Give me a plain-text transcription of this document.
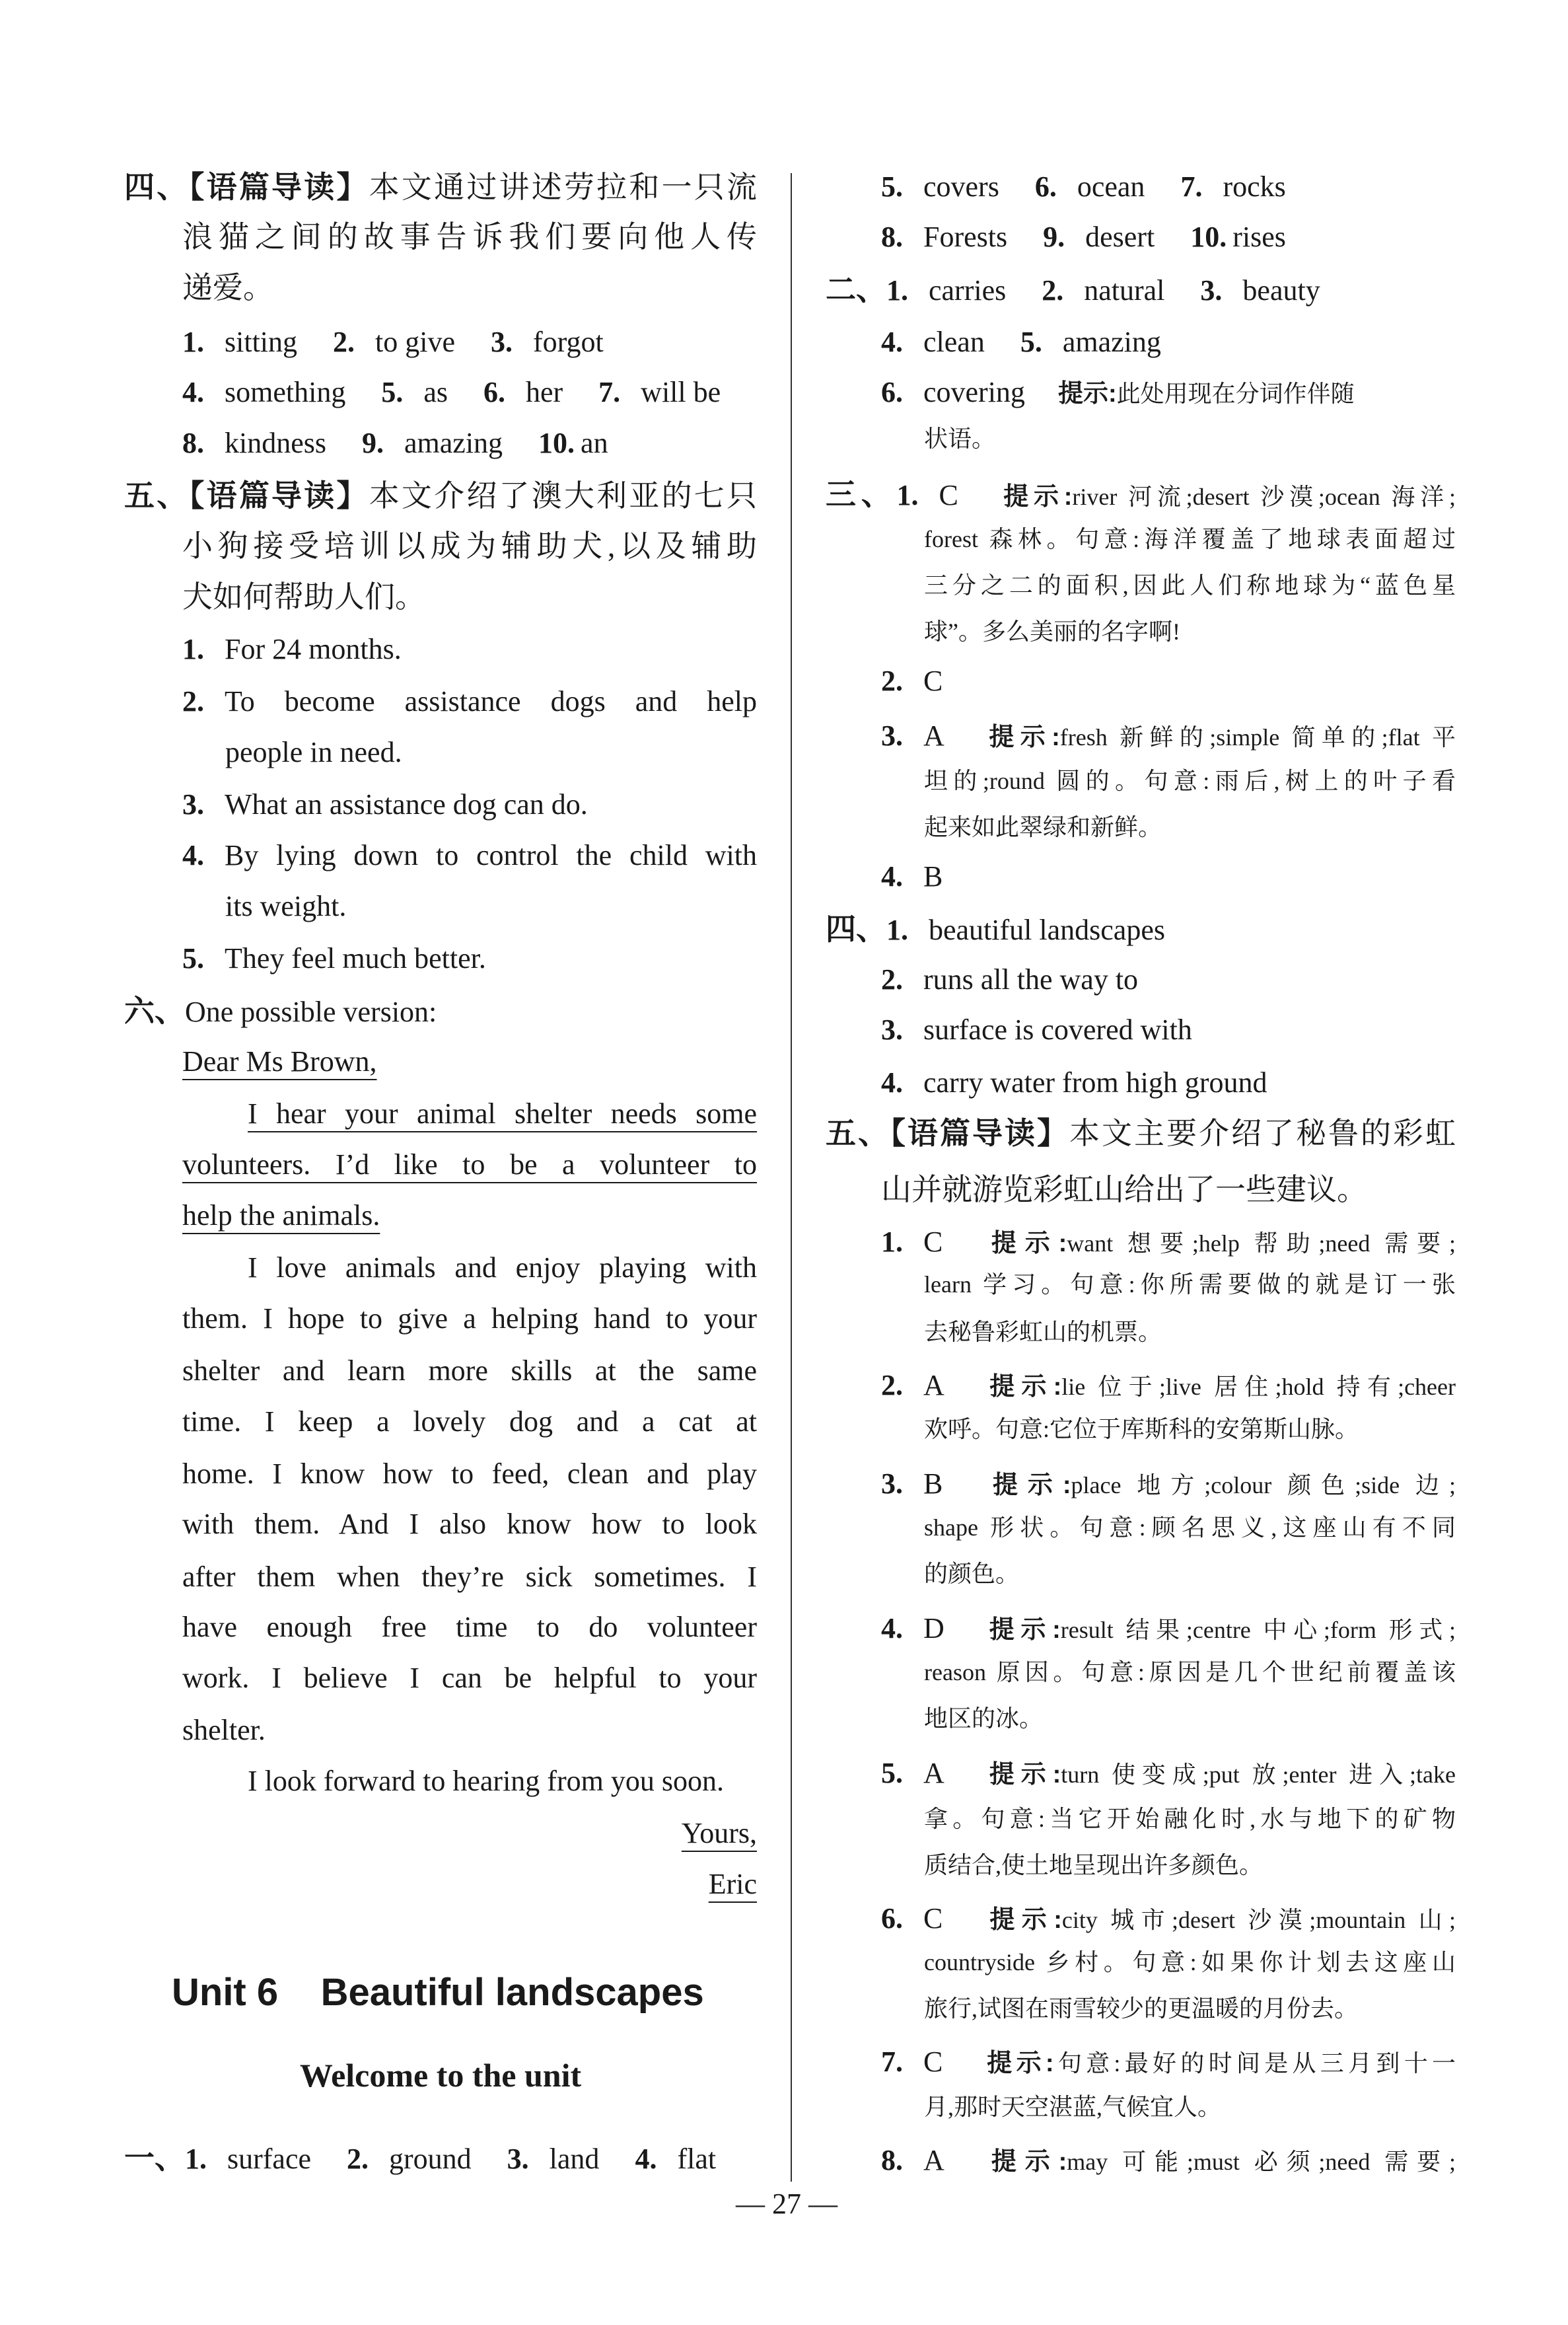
四、【语篇导读】本文通过讲述劳拉和一只流
浪猫之间的故事告诉我们要向他人传
递爱。
1. sitting 2. to give 3. forgot
4. something 5. as 6. her 7. will be
8. kindness 9. amazing 10. an
五、【语篇导读】本文介绍了澳大利亚的七只
小狗接受培训以成为辅助犬,以及辅助
犬如何帮助人们。
1. For 24 months.
2. To become assistance dogs and help
people in need.
3. What an assistance dog can do.
4. By lying down to control the child with
its weight.
5. They feel much better.
六、One possible version:
Dear Ms Brown,
I hear your animal shelter needs some
volunteers. I’d like to be a volunteer to
help the animals.
I love animals and enjoy playing with
them. I hope to give a helping hand to your
shelter and learn more skills at the same
time. I keep a lovely dog and a cat at
home. I know how to feed, clean and play
with them. And I also know how to look
after them when they’re sick sometimes. I
have enough free time to do volunteer
work. I believe I can be helpful to your
shelter.
I look forward to hearing from you soon.
Yours,
Eric
Unit 6    Beautiful landscapes
Welcome to the unit
一、1. surface 2. ground 3. land 4. flat
5. covers 6. ocean 7. rocks
8. Forests 9. desert 10. rises
二、1. carries 2. natural 3. beauty
4. clean 5. amazing
6. covering 提示:此处用现在分词作伴随
状语。
三、1. C 提示:river 河流;desert 沙漠;ocean 海洋;
forest 森林。句意:海洋覆盖了地球表面超过
三分之二的面积,因此人们称地球为“蓝色星
球”。多么美丽的名字啊!
2. C
3. A 提示:fresh 新鲜的;simple 简单的;flat 平
坦的;round 圆的。句意:雨后,树上的叶子看
起来如此翠绿和新鲜。
4. B
四、1. beautiful landscapes
2. runs all the way to
3. surface is covered with
4. carry water from high ground
五、【语篇导读】本文主要介绍了秘鲁的彩虹
山并就游览彩虹山给出了一些建议。
1. C 提示:want 想要;help 帮助;need 需要;
learn 学习。句意:你所需要做的就是订一张
去秘鲁彩虹山的机票。
2. A 提示:lie 位于;live 居住;hold 持有;cheer
欢呼。句意:它位于库斯科的安第斯山脉。
3. B 提示:place 地方;colour 颜色;side 边;
shape 形状。句意:顾名思义,这座山有不同
的颜色。
4. D 提示:result 结果;centre 中心;form 形式;
reason 原因。句意:原因是几个世纪前覆盖该
地区的冰。
5. A 提示:turn 使变成;put 放;enter 进入;take
拿。句意:当它开始融化时,水与地下的矿物
质结合,使土地呈现出许多颜色。
6. C 提示:city 城市;desert 沙漠;mountain 山;
countryside 乡村。句意:如果你计划去这座山
旅行,试图在雨雪较少的更温暖的月份去。
7. C 提示:句意:最好的时间是从三月到十一
月,那时天空湛蓝,气候宜人。
8. A 提示:may 可能;must 必须;need 需要;
— 27 —
